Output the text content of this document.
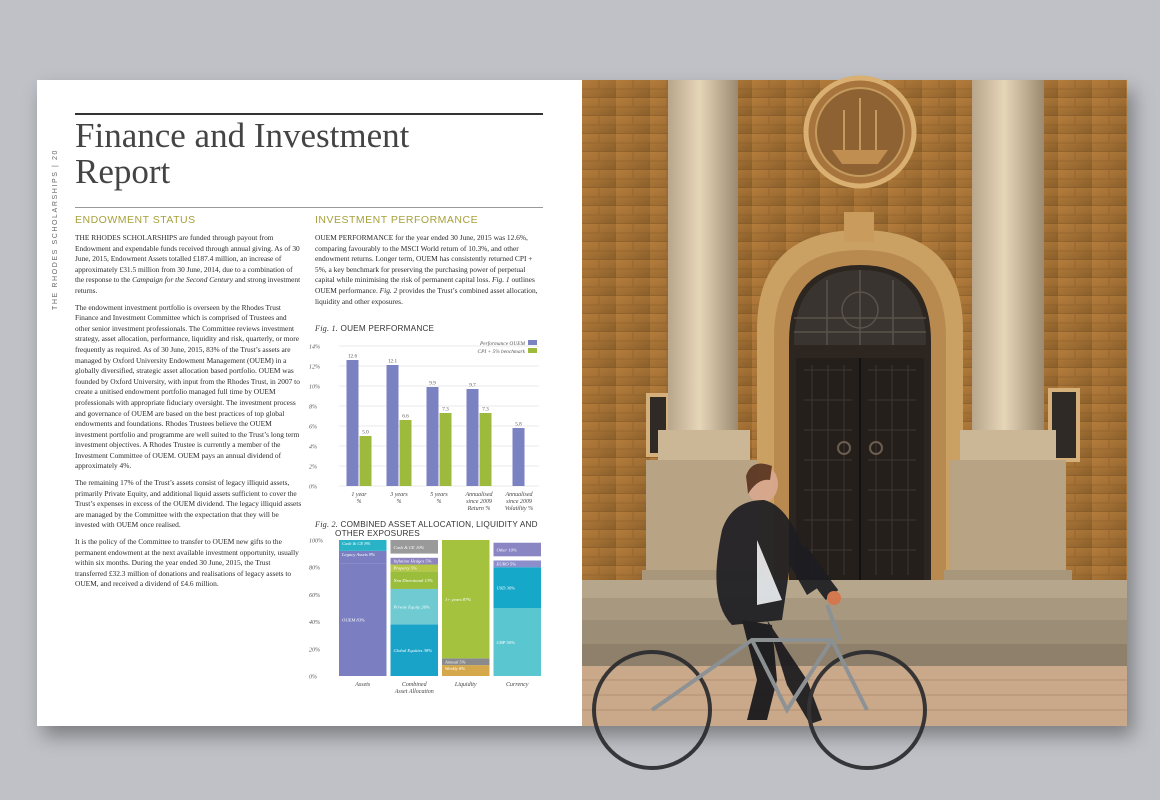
THE RHODES SCHOLARSHIPS | 20
Finance and Investment
Report
ENDOWMENT STATUS

THE RHODES SCHOLARSHIPS are funded through payout from Endowment and expendable funds received through annual giving. As of 30 June, 2015, Endowment Assets totalled £187.4 million, an increase of approximately £31.5 million from 30 June, 2014, due to a combination of the response to the Campaign for the Second Century and strong investment returns.

The endowment investment portfolio is overseen by the Rhodes Trust Finance and Investment Committee which is comprised of Trustees and other senior investment professionals. The Committee reviews investment strategy, asset allocation, performance, liquidity and risk, quarterly, or more frequently as required. As of 30 June, 2015, 83% of the Trust’s assets are managed by Oxford University Endowment Management (OUEM) in a globally diversified, strategic asset allocation based portfolio. OUEM was founded by Oxford University, with input from the Rhodes Trust, in 2007 to create a unitised endowment portfolio managed full time by OUEM professionals with appropriate fiduciary oversight. The investment process and governance of OUEM are based on the best practices of top global endowments and foundations. Rhodes Trustees believe the OUEM investment portfolio and programme are well suited to the Trust’s long term investment objectives. A Rhodes Trustee is currently a member of the Investment Committee of OUEM. OUEM pays an annual dividend of approximately 4%.

The remaining 17% of the Trust’s assets consist of legacy illiquid assets, primarily Private Equity, and additional liquid assets sufficient to cover the Trust’s expenses in excess of the OUEM dividend. The legacy illiquid assets are managed by the Committee with the expectation that they will be invested with OUEM once realised.

It is the policy of the Committee to transfer to OUEM new gifts to the permanent endowment at the next available investment opportunity, usually within six months. During the year ended 30 June, 2015, the Trust transferred £32.3 million of donations and realisations of legacy assets to OUEM, and received a dividend of £4.6 million.

INVESTMENT PERFORMANCE

OUEM PERFORMANCE for the year ended 30 June, 2015 was 12.6%, comparing favourably to the MSCI World return of 10.3%, and other endowment returns. Longer term, OUEM has consistently returned CPI + 5%, a key benchmark for preserving the purchasing power of perpetual capital while minimising the risk of permanent capital loss. Fig. 1 outlines OUEM performance. Fig. 2 provides the Trust’s combined asset allocation, liquidity and other exposures.

Fig. 1. OUEM PERFORMANCE
0%
2%
4%
6%
8%
10%
12%
14%
12.6
5.0
1 year
%
12.1
6.6
3 years
%
9.9
7.3
5 years
%
9.7
7.3
Annualised
since 2009
Return %
5.8
Annualised
since 2009
Volatility %
Performance OUEM
CPI + 5% benchmark
Fig. 2. COMBINED ASSET ALLOCATION, LIQUIDITY AND
OTHER EXPOSURES
0%
20%
40%
60%
80%
100%
OUEM 83%
Legacy Assets 9%
Cash & CE 8%
Assets
Global Equities 38%
Private Equity 26%
Non Directional 13%
Property 5%
Inflation Hedges 5%
Cash & CE 10%
Combined
Asset Allocation
Weekly 8%
Annual 5%
1+ years 87%
Liquidity
GBP 50%
USD 30%
EURO 5%
Other 10%
Currency
